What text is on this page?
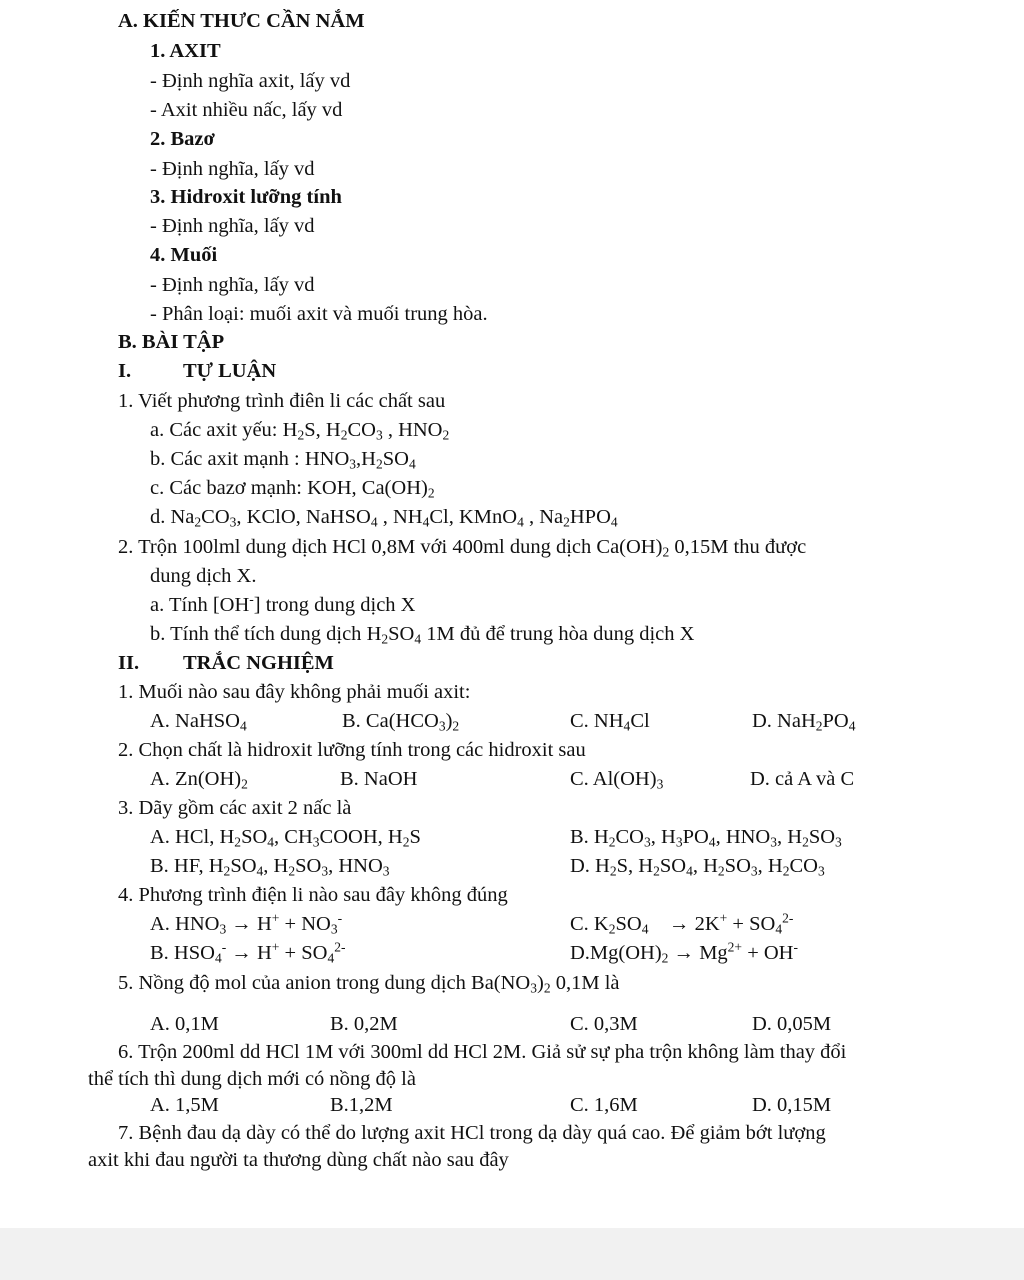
A. KIẾN THƯC CẦN NẮM
1. AXIT
- Định nghĩa axit, lấy vd
- Axit nhiều nấc, lấy vd
2. Bazơ
- Định nghĩa, lấy vd
3. Hidroxit lưỡng tính
- Định nghĩa, lấy vd
4. Muối
- Định nghĩa, lấy vd
- Phân loại: muối axit và muối trung hòa.
B. BÀI TẬP
I.	TỰ LUẬN
1. Viết phương trình điên li các chất sau
a. Các axit yếu: $H_2S$, $H_2CO_3$ , $HNO_2$
b. Các axit mạnh : $HNO_3,H_2SO_4$
c. Các bazơ mạnh: KOH, $Ca(OH)_2$
d. $Na_2CO_3$, KClO, NaHSO$_4$ , $NH_4Cl$, KMnO$_4$ , $Na_2HPO_4$
2. Trộn 100lml dung dịch HCl 0,8M với 400ml dung dịch $Ca(OH)_2$ 0,15M thu được
dung dịch X.
a. Tính [OH-] trong dung dịch X
b. Tính thể tích dung dịch $H_2SO_4$ 1M đủ để trung hòa dung dịch X
II. TRẮC NGHIỆM
1. Muối nào sau đây không phải muối axit:
A. NaHSO$_4$	B. $Ca(HCO_3)_2$	C. $NH_4Cl$	D. $NaH_2PO_4$
2. Chọn chất là hidroxit lưỡng tính trong các hidroxit sau
A. $Zn(OH)_2$	B. NaOH	C. $Al(OH)_3$	D. cả A và C
3. Dãy gồm các axit 2 nấc là
A. HCl, $H_2SO_4$, $CH_3COOH$, $H_2S$	B. $H_2CO_3$, $H_3PO_4$, $HNO_3$, $H_2SO_3$
B. HF, $H_2SO_4$, $H_2SO_3$, $HNO_3$	D. $H_2S$, $H_2SO_4$, $H_2SO_3$, $H_2CO_3$
4. Phương trình điện li nào sau đây không đúng
A. $HNO_3 \to H^+ + NO_3^-$	C. $K_2SO_4$    → $2K^+ + SO_4^{2-}$
B. $HSO_4^- \to H^+ + SO_4^{2-}$	$D.Mg(OH)_2 \to Mg^{2+} + OH^-$
5. Nồng độ mol của anion trong dung dịch $Ba(NO_3)_2$ 0,1M là
A. 0,1M	B. 0,2M	C. 0,3M	D. 0,05M
6. Trộn 200ml dd HCl 1M với 300ml dd HCl 2M. Giả sử sự pha trộn không làm thay đổi
thể tích thì dung dịch mới có nồng độ là
A. 1,5M	B.1,2M	C. 1,6M	D. 0,15M
7. Bệnh đau dạ dày có thể do lượng axit HCl trong dạ dày quá cao. Để giảm bớt lượng
axit khi đau người ta thương dùng chất nào sau đây
